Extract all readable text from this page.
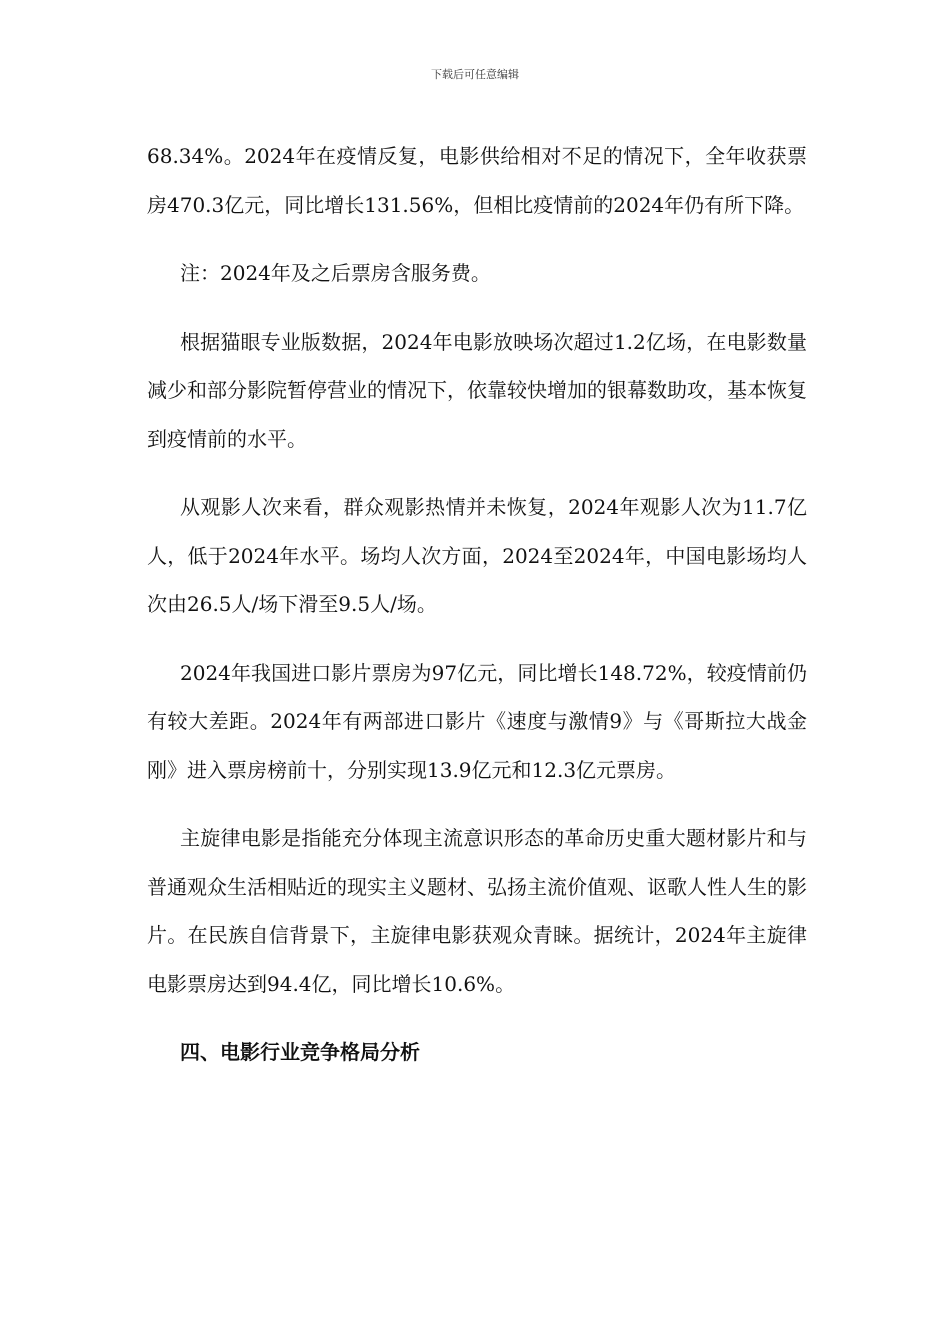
下载后可任意编辑

68.34%。2024年在疫情反复，电影供给相对不足的情况下，全年收获票房470.3亿元，同比增长131.56%，但相比疫情前的2024年仍有所下降。

注：2024年及之后票房含服务费。

根据猫眼专业版数据，2024年电影放映场次超过1.2亿场，在电影数量减少和部分影院暂停营业的情况下，依靠较快增加的银幕数助攻，基本恢复到疫情前的水平。

从观影人次来看，群众观影热情并未恢复，2024年观影人次为11.7亿人，低于2024年水平。场均人次方面，2024至2024年，中国电影场均人次由26.5人/场下滑至9.5人/场。

2024年我国进口影片票房为97亿元，同比增长148.72%，较疫情前仍有较大差距。2024年有两部进口影片《速度与激情9》与《哥斯拉大战金刚》进入票房榜前十，分别实现13.9亿元和12.3亿元票房。

主旋律电影是指能充分体现主流意识形态的革命历史重大题材影片和与普通观众生活相贴近的现实主义题材、弘扬主流价值观、讴歌人性人生的影片。在民族自信背景下，主旋律电影获观众青睐。据统计，2024年主旋律电影票房达到94.4亿，同比增长10.6%。

四、电影行业竞争格局分析
